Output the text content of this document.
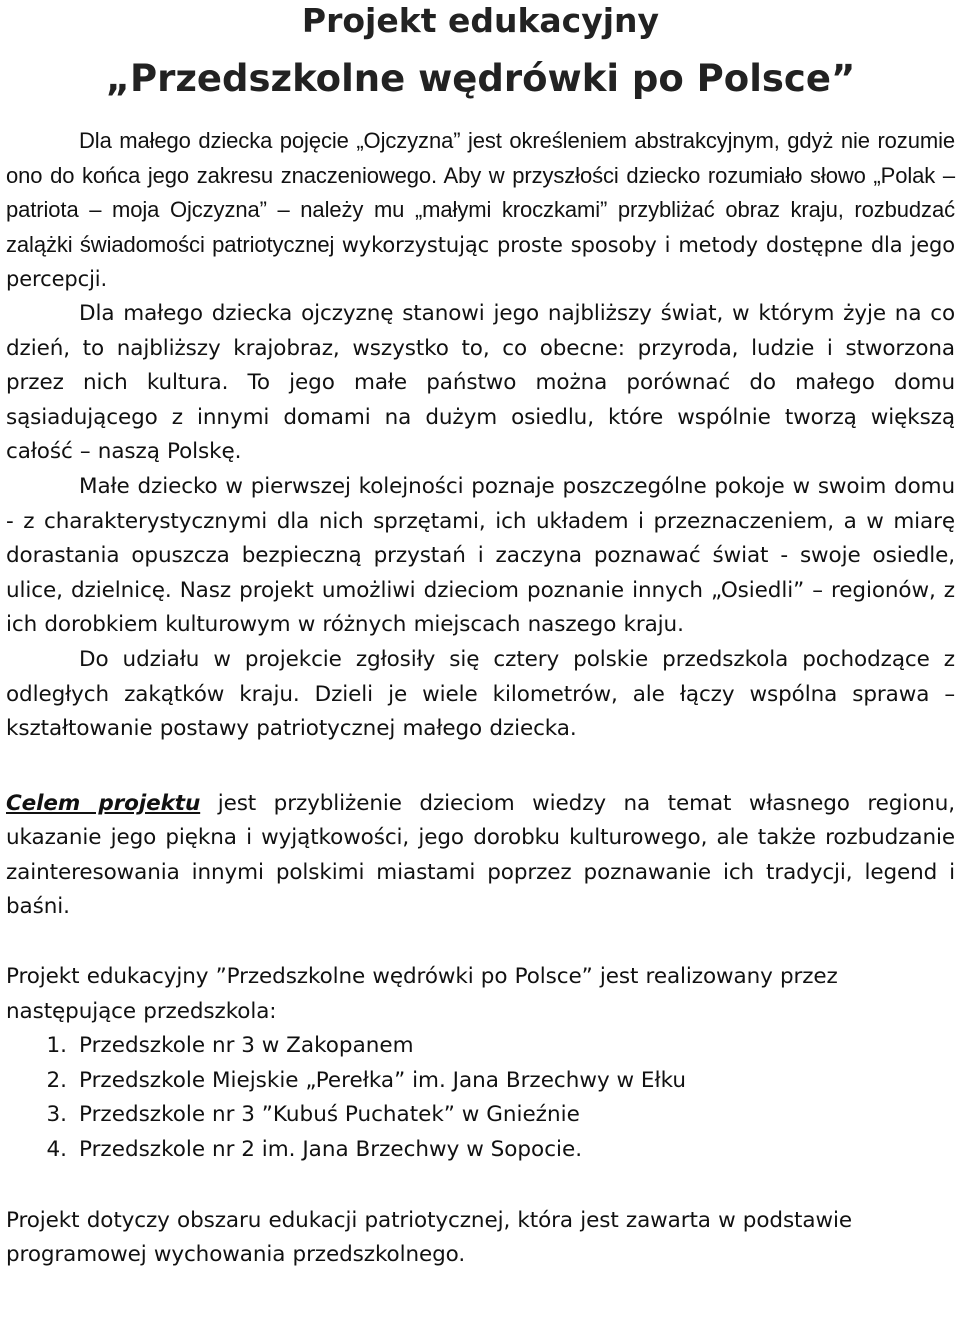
Projekt edukacyjny
„Przedszkolne wędrówki po Polsce”

Dla małego dziecka pojęcie „Ojczyzna” jest określeniem abstrakcyjnym, gdyż nie rozumie ono do końca jego zakresu znaczeniowego. Aby w przyszłości dziecko rozumiało słowo „Polak – patriota – moja Ojczyzna” – należy mu „małymi kroczkami” przybliżać obraz kraju, rozbudzać zalążki świadomości patriotycznej wykorzystując proste sposoby i metody dostępne dla jego percepcji.

Dla małego dziecka ojczyznę stanowi jego najbliższy świat, w którym żyje na co dzień, to najbliższy krajobraz, wszystko to, co obecne: przyroda, ludzie i stworzona przez nich kultura. To jego małe państwo można porównać do małego domu sąsiadującego z innymi domami na dużym osiedlu, które wspólnie tworzą większą całość – naszą Polskę.

Małe dziecko w pierwszej kolejności poznaje poszczególne pokoje w swoim domu - z charakterystycznymi dla nich sprzętami, ich układem i przeznaczeniem, a w miarę dorastania opuszcza bezpieczną przystań i zaczyna poznawać świat - swoje osiedle, ulice, dzielnicę. Nasz projekt umożliwi dzieciom poznanie innych „Osiedli” – regionów, z ich dorobkiem kulturowym w różnych miejscach naszego kraju.

Do udziału w projekcie zgłosiły się cztery polskie przedszkola pochodzące z odległych zakątków kraju. Dzieli je wiele kilometrów, ale łączy wspólna sprawa – kształtowanie postawy patriotycznej małego dziecka.

Celem projektu jest przybliżenie dzieciom wiedzy na temat własnego regionu, ukazanie jego piękna i wyjątkowości, jego dorobku kulturowego, ale także rozbudzanie zainteresowania innymi polskimi miastami poprzez poznawanie ich tradycji, legend i baśni.

Projekt edukacyjny ”Przedszkolne wędrówki po Polsce” jest realizowany przez następujące przedszkola:

1. Przedszkole nr 3 w Zakopanem
2. Przedszkole Miejskie „Perełka” im. Jana Brzechwy w Ełku
3. Przedszkole nr 3 ”Kubuś Puchatek” w Gnieźnie
4. Przedszkole nr 2 im. Jana Brzechwy w Sopocie.

Projekt dotyczy obszaru edukacji patriotycznej, która jest zawarta w podstawie programowej wychowania przedszkolnego.
